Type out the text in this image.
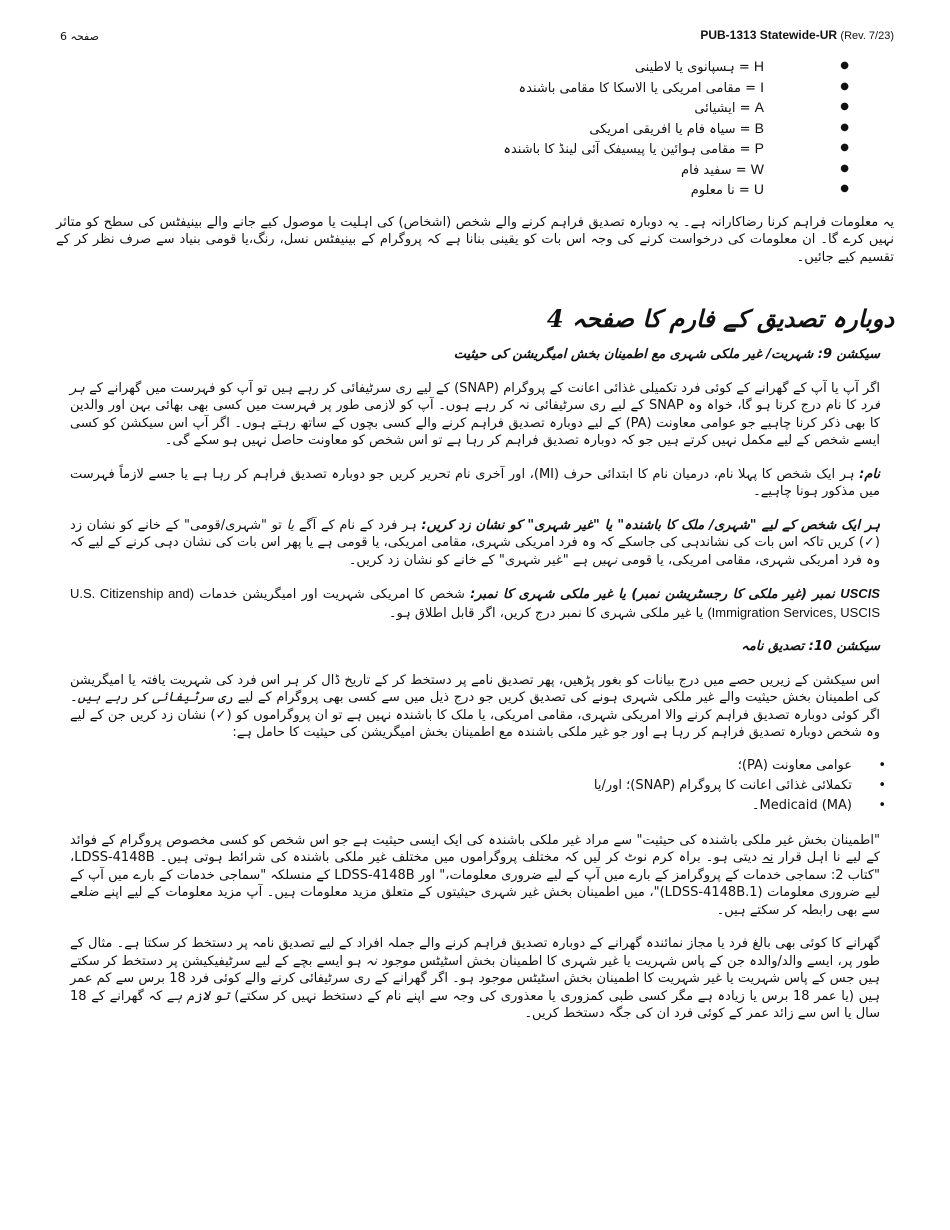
صفحہ 6	PUB-1313 Statewide-UR (Rev. 7/23)
●
H = ہسپانوی یا لاطینی
●
I = مقامی امریکی یا الاسکا کا مقامی باشندہ
●
A = ایشیائی
●
B = سیاہ فام یا افریقی امریکی
●
P = مقامی ہوائین یا پیسیفک آئی لینڈ کا باشندہ
●
W = سفید فام
●
U = نا معلوم

یہ معلومات فراہم کرنا رضاکارانہ ہے۔ یہ دوبارہ تصدیق فراہم کرنے والے شخص (اشخاص) کی اہلیت یا موصول کیے جانے والے بینیفٹس کی سطح کو متاثر نہیں کرے گا۔ ان معلومات کی درخواست کرنے کی وجہ اس بات کو یقینی بنانا ہے کہ پروگرام کے بینیفٹس نسل، رنگ،یا قومی بنیاد سے صرف نظر کر کے تقسیم کیے جائیں۔

دوبارہ تصدیق کے فارم کا صفحہ 4

سیکشن 9: شہریت/ غیر ملکی شہری مع اطمینان بخش امیگریشن کی حیثیت

اگر آپ یا آپ کے گھرانے کے کوئی فرد تکمیلی غذائی اعانت کے پروگرام (SNAP) کے لیے ری سرٹیفائی کر رہے ہیں تو آپ کو فہرست میں گھرانے کے ہر فرد کا نام درج کرنا ہو گا، خواہ وہ SNAP کے لیے ری سرٹیفائی نہ کر رہے ہوں۔ آپ کو لازمی طور پر فہرست میں کسی بھی بھائی بہن اور والدین کا بھی ذکر کرنا چاہیے جو عوامی معاونت (PA) کے لیے دوبارہ تصدیق فراہم کرنے والے کسی بچوں کے ساتھ رہتے ہوں۔ اگر آپ اس سیکشن کو کسی ایسے شخص کے لیے مکمل نہیں کرتے ہیں جو کہ دوبارہ تصدیق فراہم کر رہا ہے تو اس شخص کو معاونت حاصل نہیں ہو سکے گی۔

نام: ہر ایک شخص کا پہلا نام، درمیان نام کا ابتدائی حرف (MI)، اور آخری نام تحریر کریں جو دوبارہ تصدیق فراہم کر رہا ہے یا جسے لازماً فہرست میں مذکور ہونا چاہیے۔

ہر ایک شخص کے لیے "شہری/ ملک کا باشندہ" یا "غیر شہری" کو نشان زد کریں: ہر فرد کے نام کے آگے یا تو "شہری/قومی" کے خانے کو نشان زد (✓) کریں تاکہ اس بات کی نشاندہی کی جاسکے کہ وہ فرد امریکی شہری، مقامی امریکی، یا قومی ہے یا پھر اس بات کی نشان دہی کرنے کے لیے کہ وہ فرد امریکی شہری، مقامی امریکی، یا قومی نہیں ہے "غیر شہری" کے خانے کو نشان زد کریں۔

USCIS نمبر (غیر ملکی کا رجسٹریشن نمبر) یا غیر ملکی شہری کا نمبر: شخص کا امریکی شہریت اور امیگریشن خدمات (U.S. Citizenship and Immigration Services, USCIS) یا غیر ملکی شہری کا نمبر درج کریں، اگر قابل اطلاق ہو۔

سیکشن 10: تصدیق نامہ

اس سیکشن کے زیریں حصے میں درج بیانات کو بغور پڑھیں، پھر تصدیق نامے پر دستخط کر کے تاریخ ڈال کر ہر اس فرد کی شہریت یافتہ یا امیگریشن کی اطمینان بخش حیثیت والے غیر ملکی شہری ہونے کی تصدیق کریں جو درج ذیل میں سے کسی بھی پروگرام کے لیے ری سرٹیفائی کر رہے ہیں۔ اگر کوئی دوبارہ تصدیق فراہم کرنے والا امریکی شہری، مقامی امریکی، یا ملک کا باشندہ نہیں ہے تو ان پروگراموں کو (✓) نشان زد کریں جن کے لیے وہ شخص دوبارہ تصدیق فراہم کر رہا ہے اور جو غیر ملکی باشندہ مع اطمینان بخش امیگریشن کی حیثیت کا حامل ہے:

• عوامی معاونت (PA)؛
• تکملائی غذائی اعانت کا پروگرام (SNAP)؛ اور/یا
• Medicaid (MA)۔

"اطمینان بخش غیر ملکی باشندہ کی حیثیت" سے مراد غیر ملکی باشندہ کی ایک ایسی حیثیت ہے جو اس شخص کو کسی مخصوص پروگرام کے فوائد کے لیے نا اہل قرار نہ دیتی ہو۔ براہ کرم نوٹ کر لیں کہ مختلف پروگراموں میں مختلف غیر ملکی باشندہ کی شرائط ہوتی ہیں۔ LDSS-4148B، "کتاب 2: سماجی خدمات کے پروگرامز کے بارے میں آپ کے لیے ضروری معلومات،" اور LDSS-4148B کے منسلکہ "سماجی خدمات کے بارے میں آپ کے لیے ضروری معلومات (LDSS-4148B.1)"، میں اطمینان بخش غیر شہری حیثیتوں کے متعلق مزید معلومات ہیں۔ آپ مزید معلومات کے لیے اپنے ضلعے سے بھی رابطہ کر سکتے ہیں۔

گھرانے کا کوئی بھی بالغ فرد یا مجاز نمائندہ گھرانے کے دوبارہ تصدیق فراہم کرنے والے جملہ افراد کے لیے تصدیق نامہ پر دستخط کر سکتا ہے۔ مثال کے طور پر، ایسے والد/والدہ جن کے پاس شہریت یا غیر شہری کا اطمینان بخش اسٹیٹس موجود نہ ہو ایسے بچے کے لیے سرٹیفیکیشن پر دستخط کر سکتے ہیں جس کے پاس شہریت یا غیر شہریت کا اطمینان بخش اسٹیٹس موجود ہو۔ اگر گھرانے کے ری سرٹیفائی کرنے والے کوئی فرد 18 برس سے کم عمر ہیں (یا عمر 18 برس یا زیادہ ہے مگر کسی طبی کمزوری یا معذوری کی وجہ سے اپنے نام کے دستخط نہیں کر سکتے) تو لازم ہے کہ گھرانے کے 18 سال یا اس سے زائد عمر کے کوئی فرد ان کی جگہ دستخط کریں۔
